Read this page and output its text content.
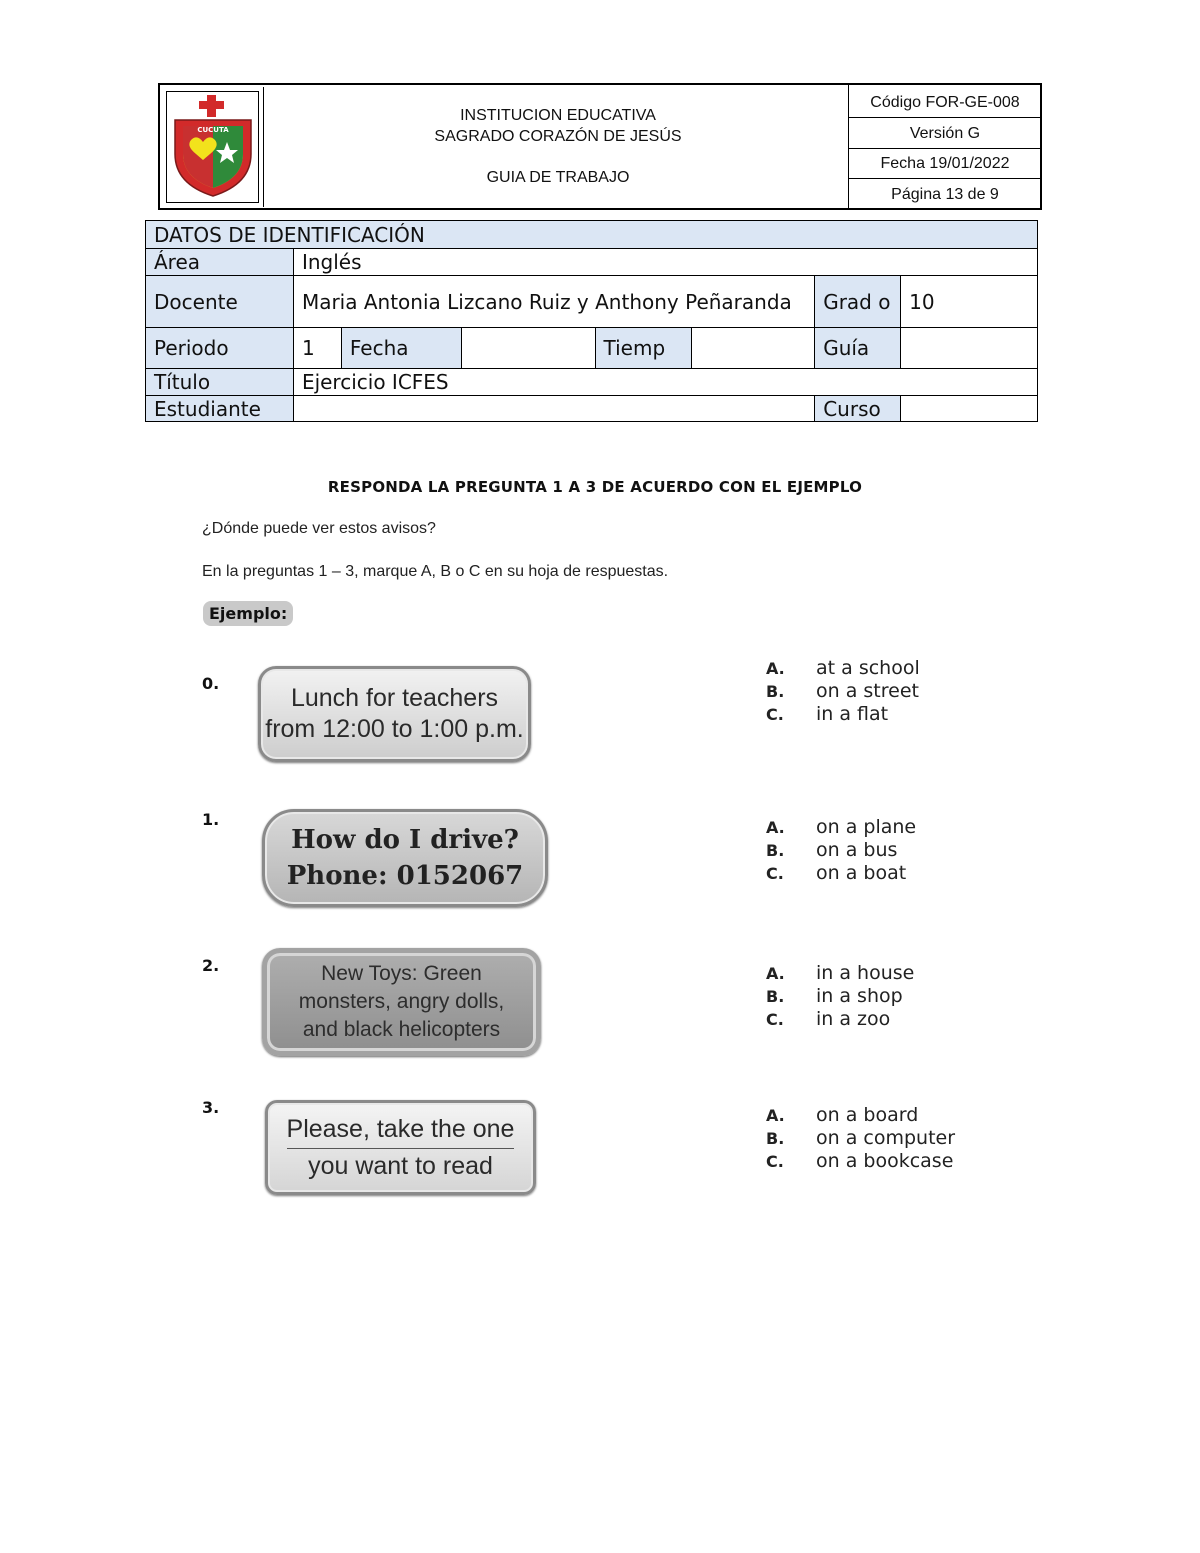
CUCUTA
INSTITUCION EDUCATIVA
SAGRADO CORAZÓN DE JESÚS
GUIA DE TRABAJO
Código FOR-GE-008
Versión G
Fecha 19/01/2022
Página 13 de 9
DATOS DE IDENTIFICACIÓN							
Área	Inglés						
Docente	Maria Antonia Lizcano Ruiz y Anthony Peñaranda					Grad o	10
Periodo	1	Fecha		Tiemp		Guía	
Título	Ejercicio ICFES						
Estudiante						Curso	
RESPONDA LA PREGUNTA 1 A 3 DE ACUERDO CON EL EJEMPLO
¿Dónde puede ver estos avisos?
En la preguntas 1 – 3, marque A, B o C en su hoja de respuestas.
Ejemplo:
0.
Lunch for teachers
from 12:00 to 1:00 p.m.
A. at a school
B. on a street
C. in a flat
1.
How do I drive?
Phone: 0152067
A. on a plane
B. on a bus
C. on a boat
2.	New Toys: Green
monsters, angry dolls,
and black helicopters
A. in a house
B. in a shop
C. in a zoo
3.
Please, take the one
you want to read
A. on a board
B. on a computer
C. on a bookcase
